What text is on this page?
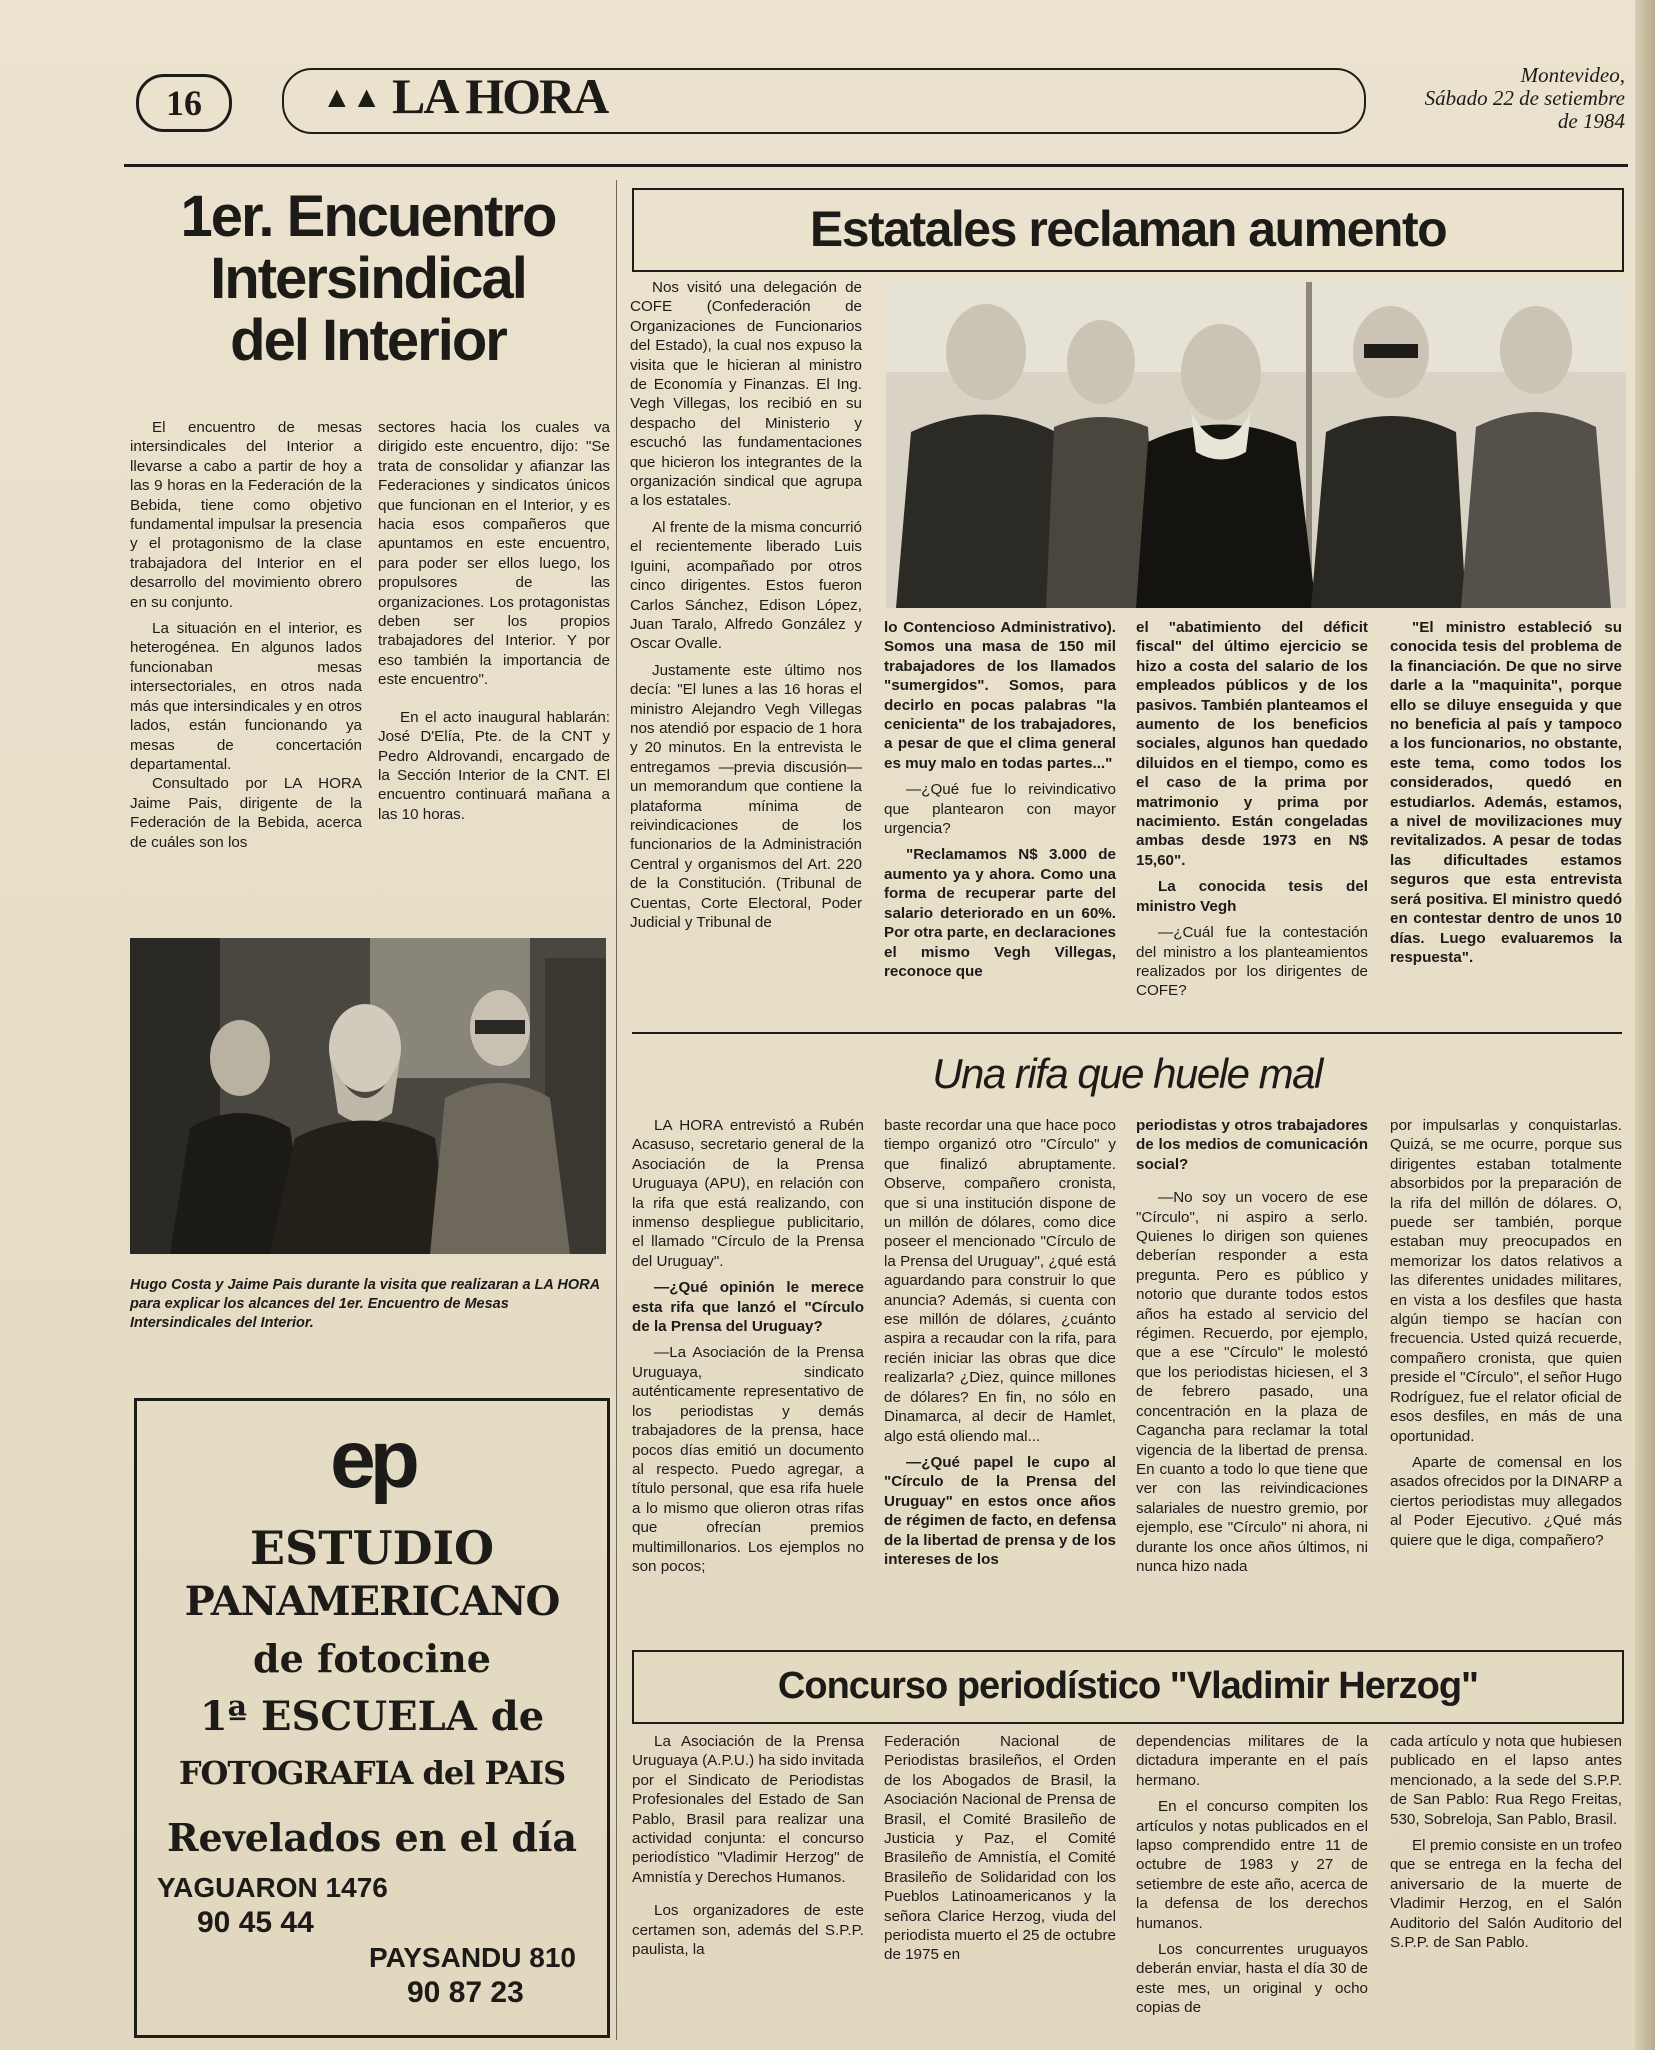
16	▲▲ LA HORA	Montevideo,
Sábado 22 de setiembre
de 1984
1er. Encuentro
Intersindical
del Interior

El encuentro de mesas intersindicales del Interior a llevarse a cabo a partir de hoy a las 9 horas en la Federación de la Bebida, tiene como objetivo fundamental impulsar la presencia y el protagonismo de la clase trabajadora del Interior en el desarrollo del movimiento obrero en su conjunto.

La situación en el interior, es heterogénea. En algunos lados funcionaban mesas intersectoriales, en otros nada más que intersindicales y en otros lados, están funcionando ya mesas de concertación departamental.

Consultado por LA HORA Jaime Pais, dirigente de la Federación de la Bebida, acerca de cuáles son los

sectores hacia los cuales va dirigido este encuentro, dijo: "Se trata de consolidar y afianzar las Federaciones y sindicatos únicos que funcionan en el Interior, y es hacia esos compañeros que apuntamos en este encuentro, para poder ser ellos luego, los propulsores de las organizaciones. Los protagonistas deben ser los propios trabajadores del Interior. Y por eso también la importancia de este encuentro".

En el acto inaugural hablarán: José D'Elía, Pte. de la CNT y Pedro Aldrovandi, encargado de la Sección Interior de la CNT. El encuentro continuará mañana a las 10 horas.

Hugo Costa y Jaime Pais durante la visita que realizaran a LA HORA para explicar los alcances del 1er. Encuentro de Mesas Intersindicales del Interior.
ep
ESTUDIO
PANAMERICANO
de fotocine
1ª ESCUELA de
FOTOGRAFIA del PAIS
Revelados en el día
YAGUARON 1476
90 45 44
PAYSANDU 810
90 87 23
Estatales reclaman aumento

Nos visitó una delegación de COFE (Confederación de Organizaciones de Funcionarios del Estado), la cual nos expuso la visita que le hicieran al ministro de Economía y Finanzas. El Ing. Vegh Villegas, los recibió en su despacho del Ministerio y escuchó las fundamentaciones que hicieron los integrantes de la organización sindical que agrupa a los estatales.

Al frente de la misma concurrió el recientemente liberado Luis Iguini, acompañado por otros cinco dirigentes. Estos fueron Carlos Sánchez, Edison López, Juan Taralo, Alfredo González y Oscar Ovalle.

Justamente este último nos decía: "El lunes a las 16 horas el ministro Alejandro Vegh Villegas nos atendió por espacio de 1 hora y 20 minutos. En la entrevista le entregamos —previa discusión— un memorandum que contiene la plataforma mínima de reivindicaciones de los funcionarios de la Administración Central y organismos del Art. 220 de la Constitución. (Tribunal de Cuentas, Corte Electoral, Poder Judicial y Tribunal de

lo Contencioso Administrativo). Somos una masa de 150 mil trabajadores de los llamados "sumergidos". Somos, para decirlo en pocas palabras "la cenicienta" de los trabajadores, a pesar de que el clima general es muy malo en todas partes..."

—¿Qué fue lo reivindicativo que plantearon con mayor urgencia?

"Reclamamos N$ 3.000 de aumento ya y ahora. Como una forma de recuperar parte del salario deteriorado en un 60%. Por otra parte, en declaraciones el mismo Vegh Villegas, reconoce que

el "abatimiento del déficit fiscal" del último ejercicio se hizo a costa del salario de los empleados públicos y de los pasivos. También planteamos el aumento de los beneficios sociales, algunos han quedado diluidos en el tiempo, como es el caso de la prima por matrimonio y prima por nacimiento. Están congeladas ambas desde 1973 en N$ 15,60".

La conocida tesis del ministro Vegh

—¿Cuál fue la contestación del ministro a los planteamientos realizados por los dirigentes de COFE?

"El ministro estableció su conocida tesis del problema de la financiación. De que no sirve darle a la "maquinita", porque ello se diluye enseguida y que no beneficia al país y tampoco a los funcionarios, no obstante, este tema, como todos los considerados, quedó en estudiarlos. Además, estamos, a nivel de movilizaciones muy revitalizados. A pesar de todas las dificultades estamos seguros que esta entrevista será positiva. El ministro quedó en contestar dentro de unos 10 días. Luego evaluaremos la respuesta".

Una rifa que huele mal

LA HORA entrevistó a Rubén Acasuso, secretario general de la Asociación de la Prensa Uruguaya (APU), en relación con la rifa que está realizando, con inmenso despliegue publicitario, el llamado "Círculo de la Prensa del Uruguay".

—¿Qué opinión le merece esta rifa que lanzó el "Círculo de la Prensa del Uruguay?

—La Asociación de la Prensa Uruguaya, sindicato auténticamente representativo de los periodistas y demás trabajadores de la prensa, hace pocos días emitió un documento al respecto. Puedo agregar, a título personal, que esa rifa huele a lo mismo que olieron otras rifas que ofrecían premios multimillonarios. Los ejemplos no son pocos;

baste recordar una que hace poco tiempo organizó otro "Círculo" y que finalizó abruptamente. Observe, compañero cronista, que si una institución dispone de un millón de dólares, como dice poseer el mencionado "Círculo de la Prensa del Uruguay", ¿qué está aguardando para construir lo que anuncia? Además, si cuenta con ese millón de dólares, ¿cuánto aspira a recaudar con la rifa, para recién iniciar las obras que dice realizarla? ¿Diez, quince millones de dólares? En fin, no sólo en Dinamarca, al decir de Hamlet, algo está oliendo mal...

—¿Qué papel le cupo al "Círculo de la Prensa del Uruguay" en estos once años de régimen de facto, en defensa de la libertad de prensa y de los intereses de los

periodistas y otros trabajadores de los medios de comunicación social?

—No soy un vocero de ese "Círculo", ni aspiro a serlo. Quienes lo dirigen son quienes deberían responder a esta pregunta. Pero es público y notorio que durante todos estos años ha estado al servicio del régimen. Recuerdo, por ejemplo, que a ese "Círculo" le molestó que los periodistas hiciesen, el 3 de febrero pasado, una concentración en la plaza de Cagancha para reclamar la total vigencia de la libertad de prensa. En cuanto a todo lo que tiene que ver con las reivindicaciones salariales de nuestro gremio, por ejemplo, ese "Círculo" ni ahora, ni durante los once años últimos, ni nunca hizo nada

por impulsarlas y conquistarlas. Quizá, se me ocurre, porque sus dirigentes estaban totalmente absorbidos por la preparación de la rifa del millón de dólares. O, puede ser también, porque estaban muy preocupados en memorizar los datos relativos a las diferentes unidades militares, en vista a los desfiles que hasta algún tiempo se hacían con frecuencia. Usted quizá recuerde, compañero cronista, que quien preside el "Círculo", el señor Hugo Rodríguez, fue el relator oficial de esos desfiles, en más de una oportunidad.

Aparte de comensal en los asados ofrecidos por la DINARP a ciertos periodistas muy allegados al Poder Ejecutivo. ¿Qué más quiere que le diga, compañero?

Concurso periodístico "Vladimir Herzog"

La Asociación de la Prensa Uruguaya (A.P.U.) ha sido invitada por el Sindicato de Periodistas Profesionales del Estado de San Pablo, Brasil para realizar una actividad conjunta: el concurso periodístico "Vladimir Herzog" de Amnistía y Derechos Humanos.

Los organizadores de este certamen son, además del S.P.P. paulista, la

Federación Nacional de Periodistas brasileños, el Orden de los Abogados de Brasil, la Asociación Nacional de Prensa de Brasil, el Comité Brasileño de Justicia y Paz, el Comité Brasileño de Amnistía, el Comité Brasileño de Solidaridad con los Pueblos Latinoamericanos y la señora Clarice Herzog, viuda del periodista muerto el 25 de octubre de 1975 en

dependencias militares de la dictadura imperante en el país hermano.

En el concurso compiten los artículos y notas publicados en el lapso comprendido entre 11 de octubre de 1983 y 27 de setiembre de este año, acerca de la defensa de los derechos humanos.

Los concurrentes uruguayos deberán enviar, hasta el día 30 de este mes, un original y ocho copias de

cada artículo y nota que hubiesen publicado en el lapso antes mencionado, a la sede del S.P.P. de San Pablo: Rua Rego Freitas, 530, Sobreloja, San Pablo, Brasil.

El premio consiste en un trofeo que se entrega en la fecha del aniversario de la muerte de Vladimir Herzog, en el Salón Auditorio del Salón Auditorio del S.P.P. de San Pablo.
